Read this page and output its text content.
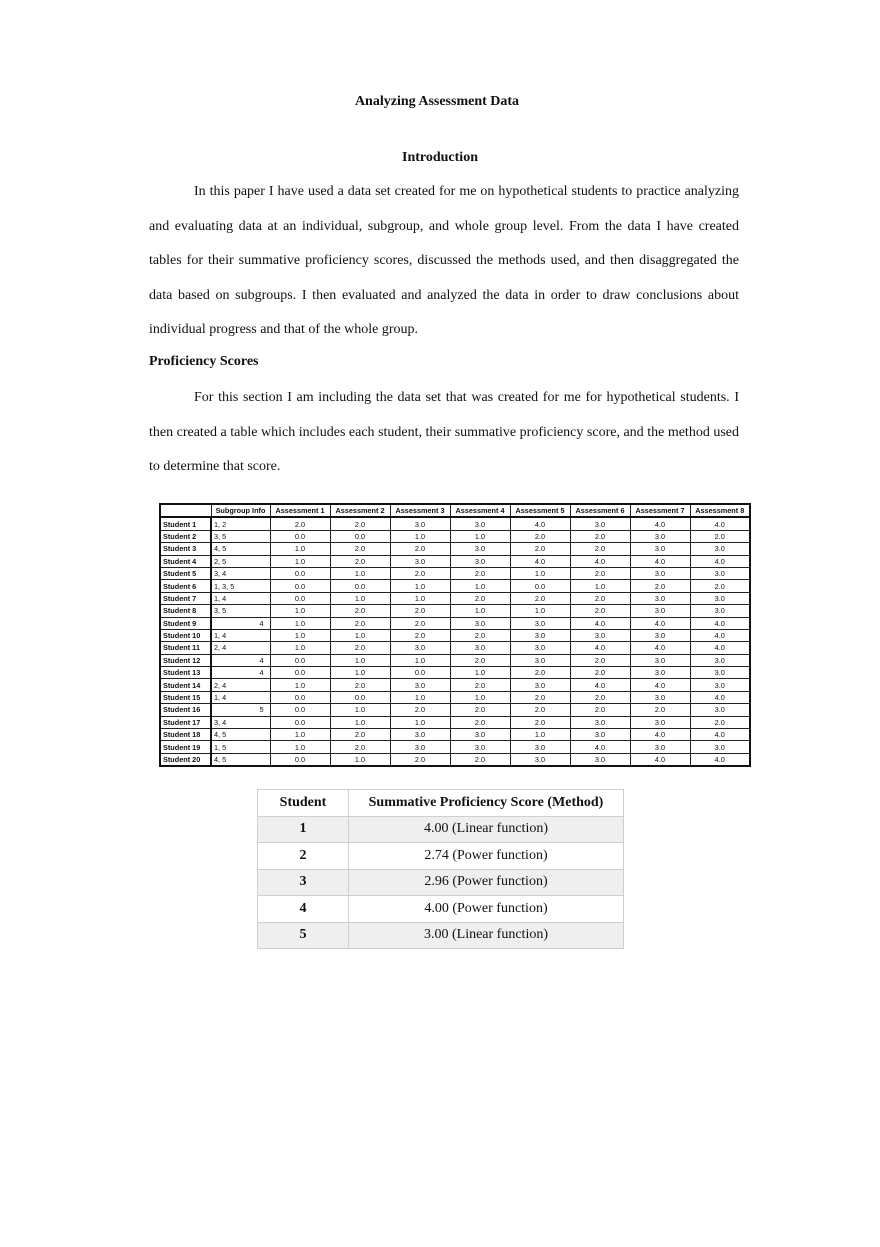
Analyzing Assessment Data
Introduction
In this paper I have used a data set created for me on hypothetical students to practice analyzing and evaluating data at an individual, subgroup, and whole group level. From the data I have created tables for their summative proficiency scores, discussed the methods used, and then disaggregated the data based on subgroups. I then evaluated and analyzed the data in order to draw conclusions about individual progress and that of the whole group.
Proficiency Scores
For this section I am including the data set that was created for me for hypothetical students. I then created a table which includes each student, their summative proficiency score, and the method used to determine that score.
	Subgroup Info	Assessment 1	Assessment 2	Assessment 3	Assessment 4	Assessment 5	Assessment 6	Assessment 7	Assessment 8
Student 1	1, 2	2.0	2.0	3.0	3.0	4.0	3.0	4.0	4.0
Student 2	3, 5	0.0	0.0	1.0	1.0	2.0	2.0	3.0	2.0
Student 3	4, 5	1.0	2.0	2.0	3.0	2.0	2.0	3.0	3.0
Student 4	2, 5	1.0	2.0	3.0	3.0	4.0	4.0	4.0	4.0
Student 5	3, 4	0.0	1.0	2.0	2.0	1.0	2.0	3.0	3.0
Student 6	1, 3, 5	0.0	0.0	1.0	1.0	0.0	1.0	2.0	2.0
Student 7	1, 4	0.0	1.0	1.0	2.0	2.0	2.0	3.0	3.0
Student 8	3, 5	1.0	2.0	2.0	1.0	1.0	2.0	3.0	3.0
Student 9	4	1.0	2.0	2.0	3.0	3.0	4.0	4.0	4.0
Student 10	1, 4	1.0	1.0	2.0	2.0	3.0	3.0	3.0	4.0
Student 11	2, 4	1.0	2.0	3.0	3.0	3.0	4.0	4.0	4.0
Student 12	4	0.0	1.0	1.0	2.0	3.0	2.0	3.0	3.0
Student 13	4	0.0	1.0	0.0	1.0	2.0	2.0	3.0	3.0
Student 14	2, 4	1.0	2.0	3.0	2.0	3.0	4.0	4.0	3.0
Student 15	1, 4	0.0	0.0	1.0	1.0	2.0	2.0	3.0	4.0
Student 16	5	0.0	1.0	2.0	2.0	2.0	2.0	2.0	3.0
Student 17	3, 4	0.0	1.0	1.0	2.0	2.0	3.0	3.0	2.0
Student 18	4, 5	1.0	2.0	3.0	3.0	1.0	3.0	4.0	4.0
Student 19	1, 5	1.0	2.0	3.0	3.0	3.0	4.0	3.0	3.0
Student 20	4, 5	0.0	1.0	2.0	2.0	3.0	3.0	4.0	4.0
Student	Summative Proficiency Score (Method)
1	4.00 (Linear function)
2	2.74 (Power function)
3	2.96 (Power function)
4	4.00 (Power function)
5	3.00 (Linear function)
